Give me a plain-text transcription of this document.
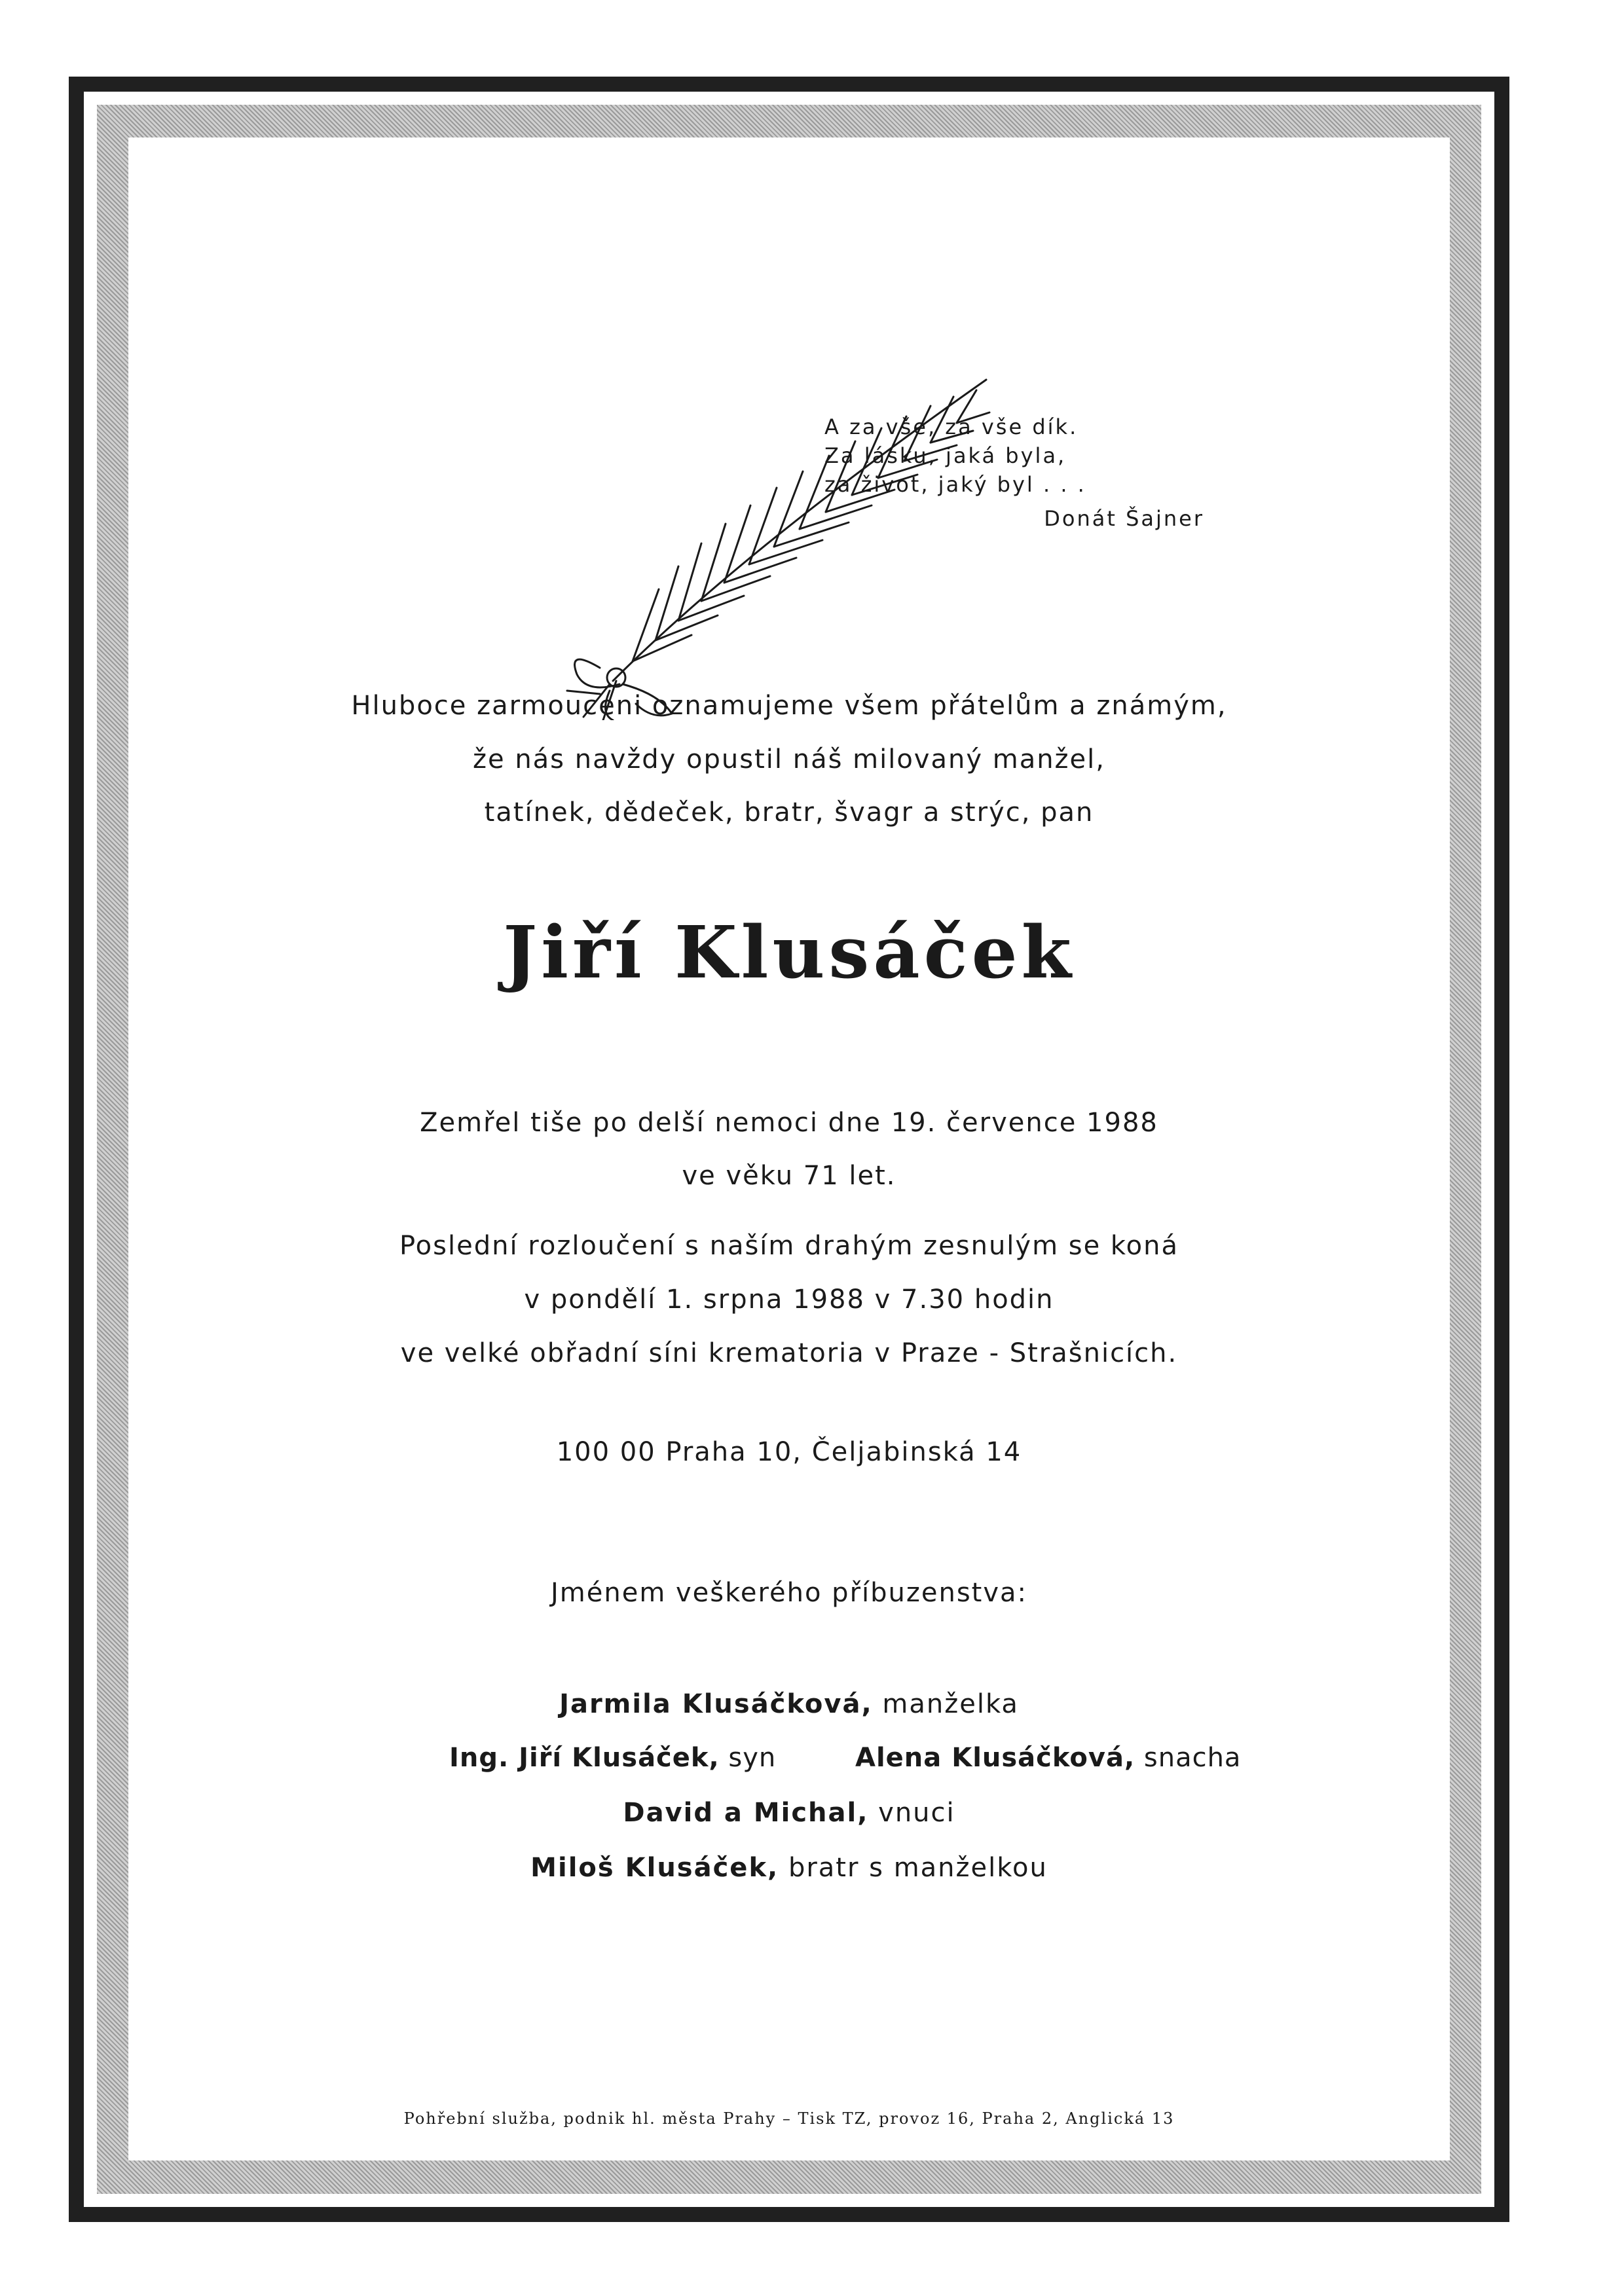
A za vše, za vše dík.
Za lásku, jaká byla,
za život, jaký byl . . .
Donát Šajner
Hluboce zarmouceni oznamujeme všem přátelům a známým,
že nás navždy opustil náš milovaný manžel,
tatínek, dědeček, bratr, švagr a strýc, pan
Jiří Klusáček
Zemřel tiše po delší nemoci dne 19. července 1988
ve věku 71 let.
Poslední rozloučení s naším drahým zesnulým se koná
v pondělí 1. srpna 1988 v 7.30 hodin
ve velké obřadní síni krematoria v Praze - Strašnicích.
100 00 Praha 10, Čeljabinská 14
Jménem veškerého příbuzenstva:
Jarmila Klusáčková, manželka
Ing. Jiří Klusáček, syn	Alena Klusáčková, snacha
David a Michal, vnuci
Miloš Klusáček, bratr s manželkou
Pohřební služba, podnik hl. města Prahy – Tisk TZ, provoz 16, Praha 2, Anglická 13
